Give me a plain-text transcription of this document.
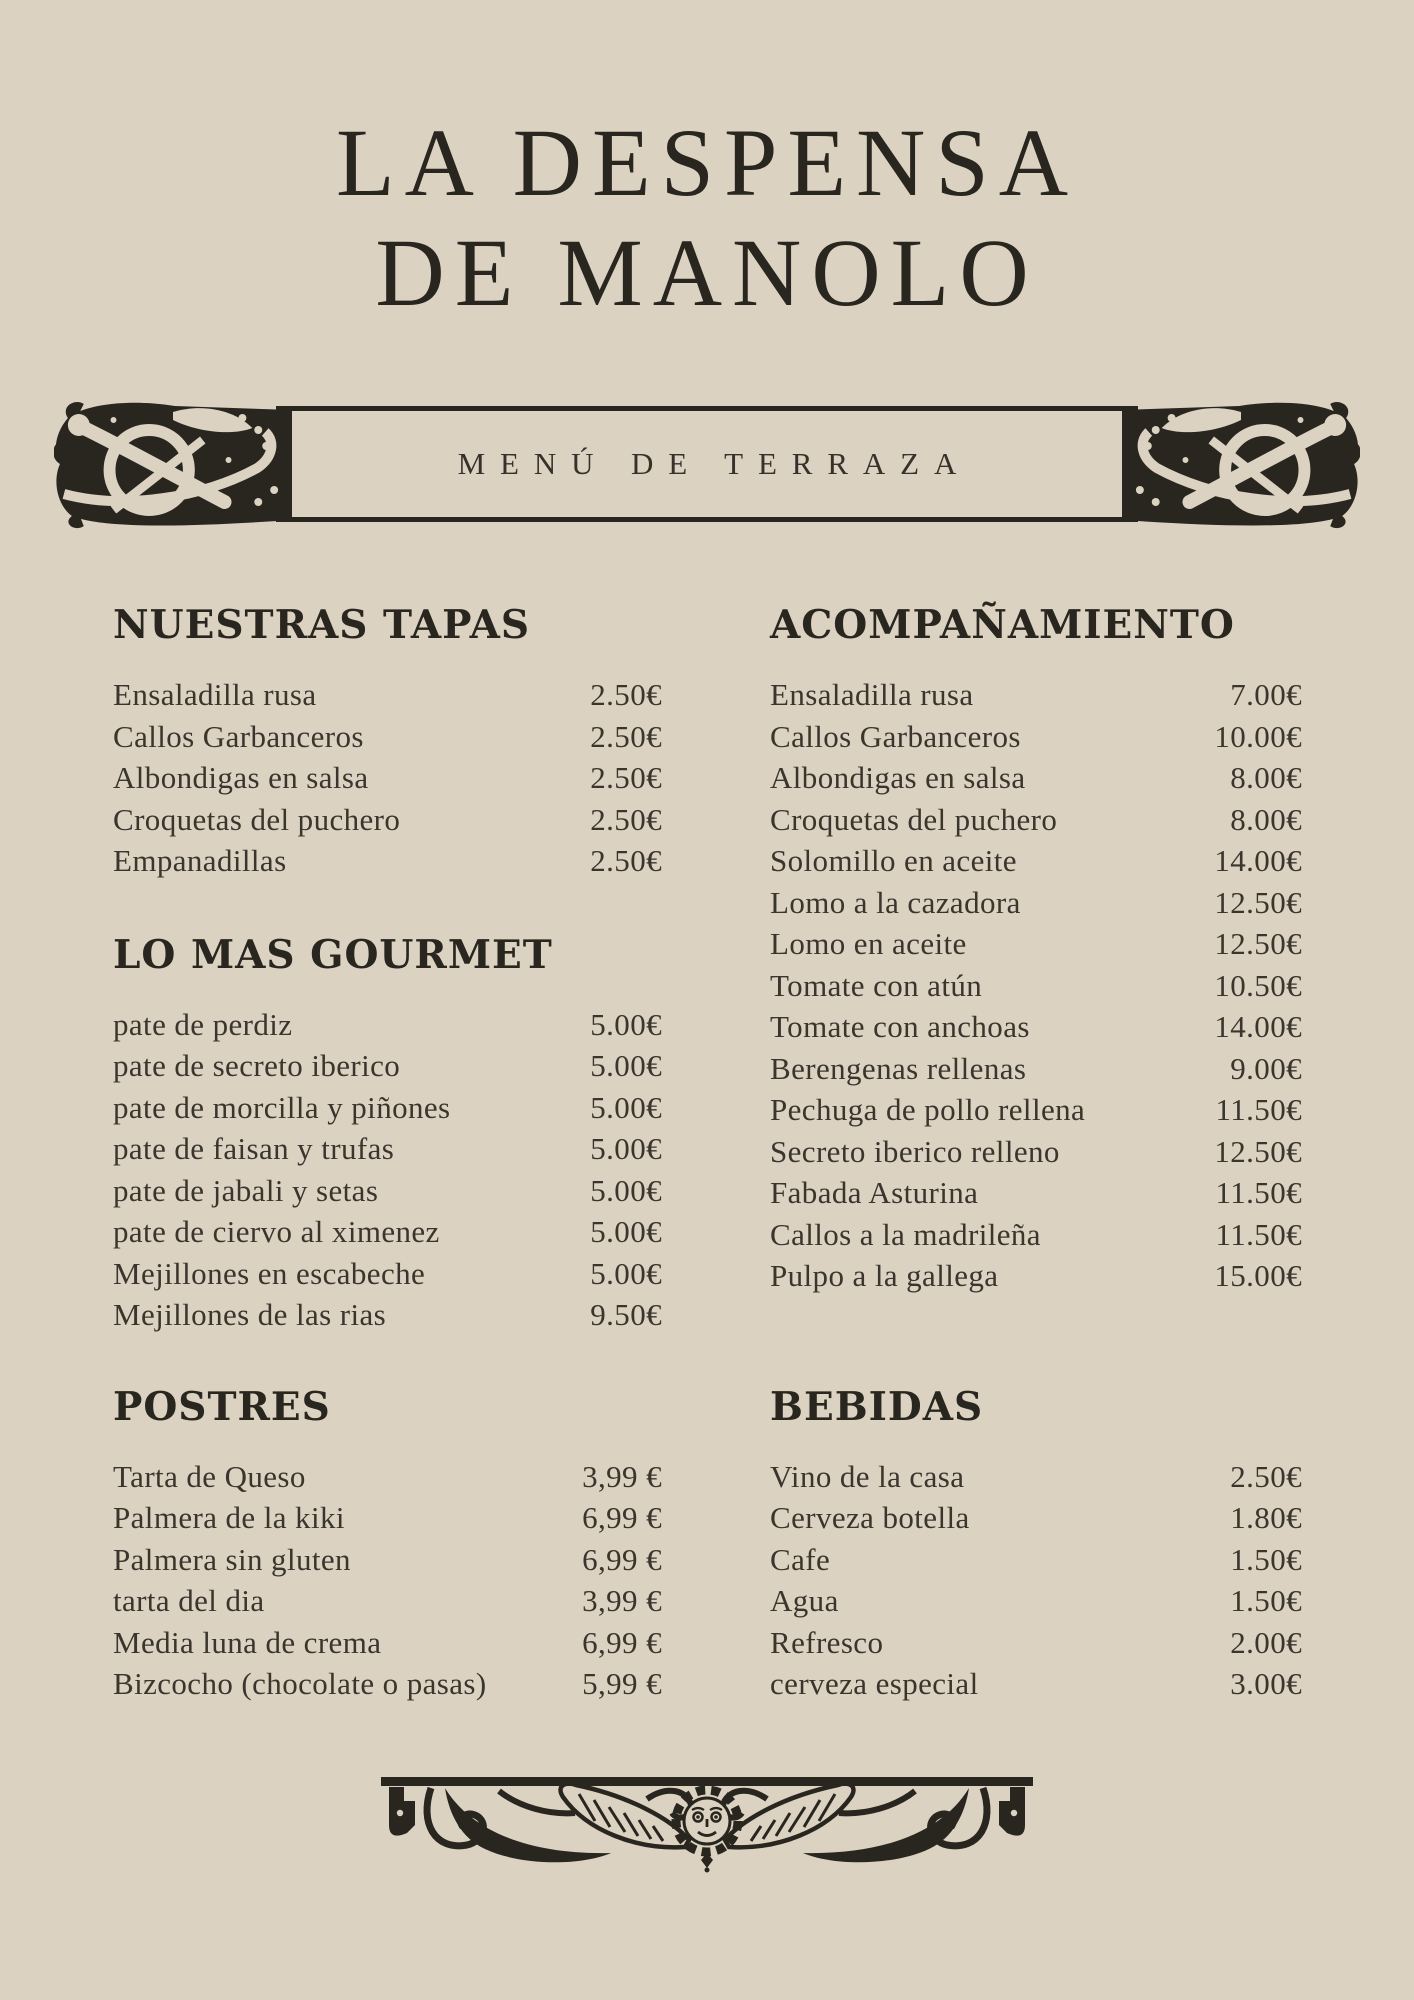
LA DESPENSA
DE MANOLO
MENÚ DE TERRAZA
NUESTRAS TAPAS
Ensaladilla rusa	2.50€
Callos Garbanceros	2.50€
Albondigas en salsa	2.50€
Croquetas del puchero	2.50€
Empanadillas	2.50€
LO MAS GOURMET
pate de perdiz	5.00€
pate de secreto iberico	5.00€
pate de morcilla y piñones	5.00€
pate de faisan y trufas	5.00€
pate de jabali y setas	5.00€
pate de ciervo al ximenez	5.00€
Mejillones en escabeche	5.00€
Mejillones de las rias	9.50€
POSTRES
Tarta de Queso	3,99 €
Palmera de la kiki	6,99 €
Palmera sin gluten	6,99 €
tarta del dia	3,99 €
Media luna de crema	6,99 €
Bizcocho (chocolate o pasas)	5,99 €
ACOMPAÑAMIENTO
Ensaladilla rusa	7.00€
Callos Garbanceros	10.00€
Albondigas en salsa	8.00€
Croquetas del puchero	8.00€
Solomillo en aceite	14.00€
Lomo a la cazadora	12.50€
Lomo en aceite	12.50€
Tomate con atún	10.50€
Tomate con anchoas	14.00€
Berengenas rellenas	9.00€
Pechuga de pollo rellena	11.50€
Secreto iberico relleno	12.50€
Fabada Asturina	11.50€
Callos a la madrileña	11.50€
Pulpo a la gallega	15.00€
BEBIDAS
Vino de la casa	2.50€
Cerveza botella	1.80€
Cafe	1.50€
Agua	1.50€
Refresco	2.00€
cerveza especial	3.00€
